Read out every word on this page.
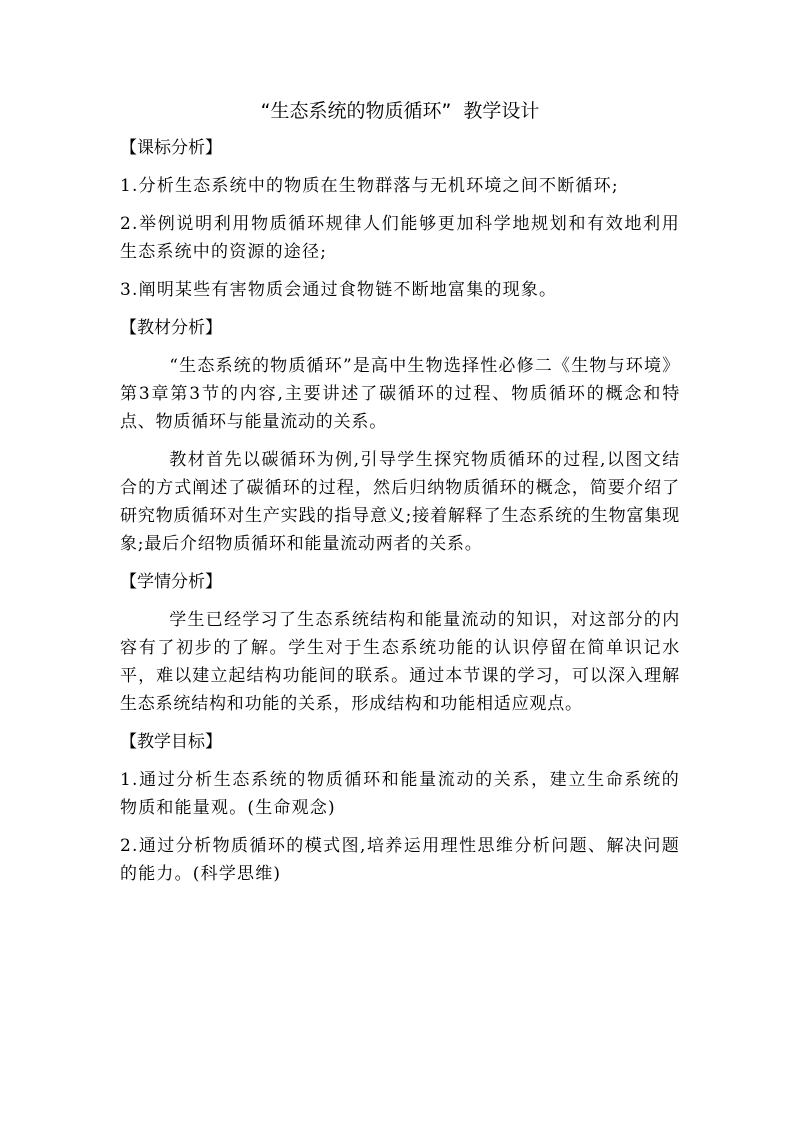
“生态系统的物质循环”  教学设计
【课标分析】
1.分析生态系统中的物质在生物群落与无机环境之间不断循环;
2.举例说明利用物质循环规律人们能够更加科学地规划和有效地利用生态系统中的资源的途径;
3.阐明某些有害物质会通过食物链不断地富集的现象。
【教材分析】
“生态系统的物质循环”是高中生物选择性必修二《生物与环境》第3章第3节的内容,主要讲述了碳循环的过程、物质循环的概念和特点、物质循环与能量流动的关系。
教材首先以碳循环为例,引导学生探究物质循环的过程,以图文结合的方式阐述了碳循环的过程，然后归纳物质循环的概念，简要介绍了研究物质循环对生产实践的指导意义;接着解释了生态系统的生物富集现象;最后介绍物质循环和能量流动两者的关系。
【学情分析】
学生已经学习了生态系统结构和能量流动的知识，对这部分的内容有了初步的了解。学生对于生态系统功能的认识停留在简单识记水平，难以建立起结构功能间的联系。通过本节课的学习，可以深入理解生态系统结构和功能的关系，形成结构和功能相适应观点。
【教学目标】
1.通过分析生态系统的物质循环和能量流动的关系，建立生命系统的物质和能量观。(生命观念)
2.通过分析物质循环的模式图,培养运用理性思维分析问题、解决问题的能力。(科学思维)
